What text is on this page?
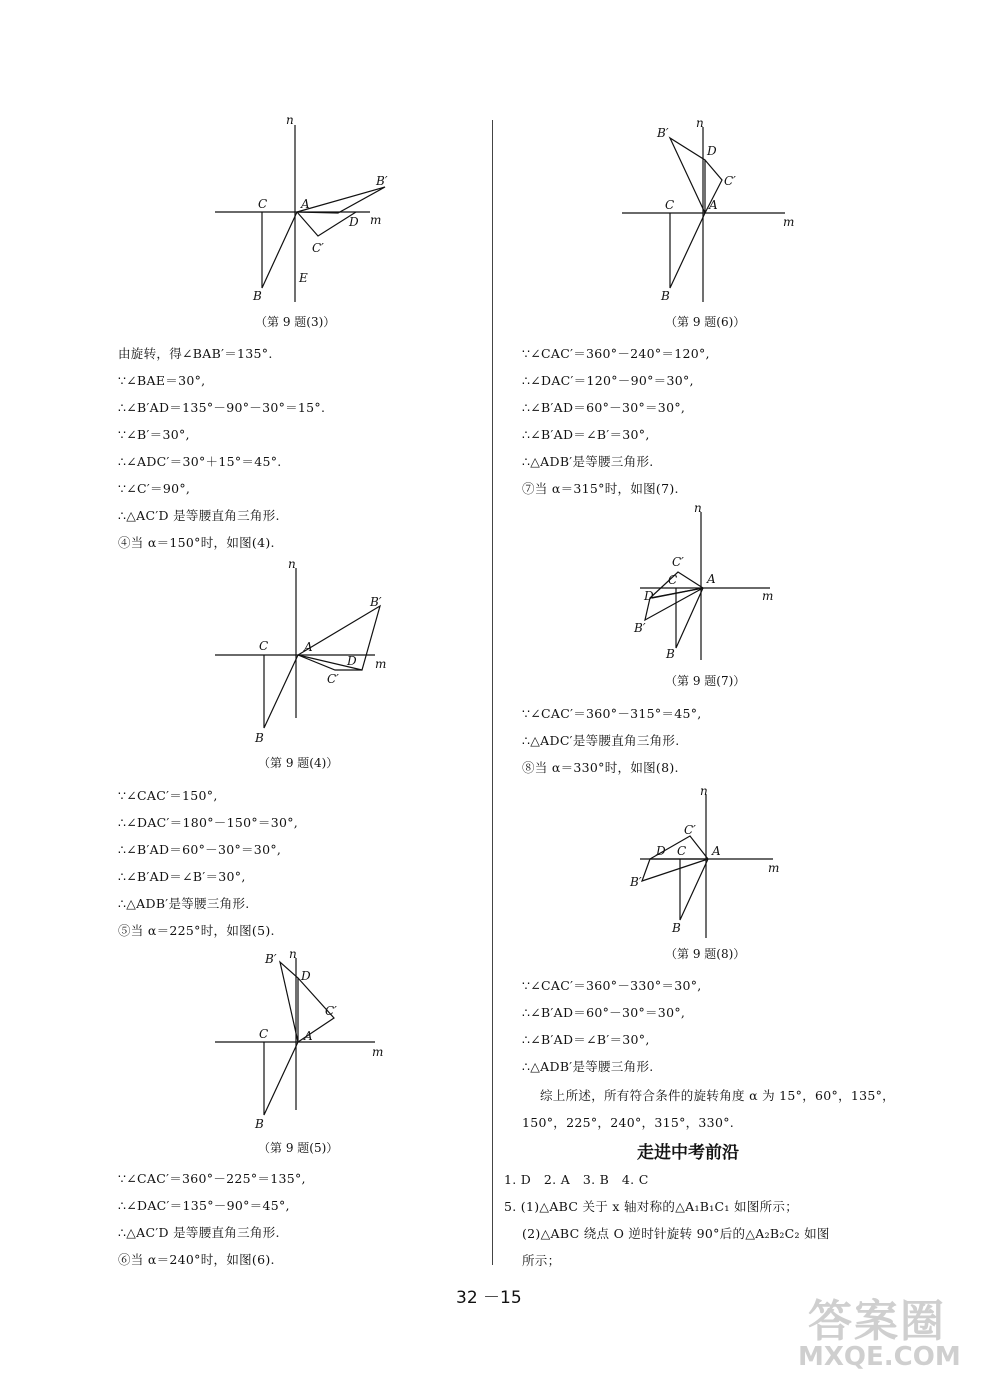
n
m
C	A
B′
D
C′
E
B
（第 9 题(3)）
由旋转，得∠BAB′＝135°.
∵∠BAE＝30°,
∴∠B′AD＝135°－90°－30°＝15°.
∵∠B′＝30°,
∴∠ADC′＝30°＋15°＝45°.
∵∠C′＝90°,
∴△AC′D 是等腰直角三角形.
④当 α＝150°时，如图(4).
n
m
C	A
B′
D
C′
B
（第 9 题(4)）
∵∠CAC′＝150°,
∴∠DAC′＝180°－150°＝30°,
∴∠B′AD＝60°－30°＝30°,
∴∠B′AD＝∠B′＝30°,
∴△ADB′是等腰三角形.
⑤当 α＝225°时，如图(5).
B′ n
D
C′
C	A
m
B
（第 9 题(5)）
∵∠CAC′＝360°－225°＝135°,
∴∠DAC′＝135°－90°＝45°,
∴△AC′D 是等腰直角三角形.
⑥当 α＝240°时，如图(6).
B′
n
D
C′
C	A
m
B
（第 9 题(6)）
∵∠CAC′＝360°－240°＝120°,
∴∠DAC′＝120°－90°＝30°,
∴∠B′AD＝60°－30°＝30°,
∴∠B′AD＝∠B′＝30°,
∴△ADB′是等腰三角形.
⑦当 α＝315°时，如图(7).
n
C′
C A
m
D
B′
B
（第 9 题(7)）
∵∠CAC′＝360°－315°＝45°,
∴△ADC′是等腰直角三角形.
⑧当 α＝330°时，如图(8).
n
C′
D C A
m
B′
B
（第 9 题(8)）
∵∠CAC′＝360°－330°＝30°,
∴∠B′AD＝60°－30°＝30°,
∴∠B′AD＝∠B′＝30°,
∴△ADB′是等腰三角形.
综上所述，所有符合条件的旋转角度 α 为 15°，60°，135°，
150°，225°，240°，315°，330°.
走进中考前沿
1. D　2. A　3. B　4. C
5. (1)△ABC 关于 x 轴对称的△A₁B₁C₁ 如图所示；
(2)△ABC 绕点 O 逆时针旋转 90°后的△A₂B₂C₂ 如图
所示；
32 －15	答案圈
MXQE.COM
